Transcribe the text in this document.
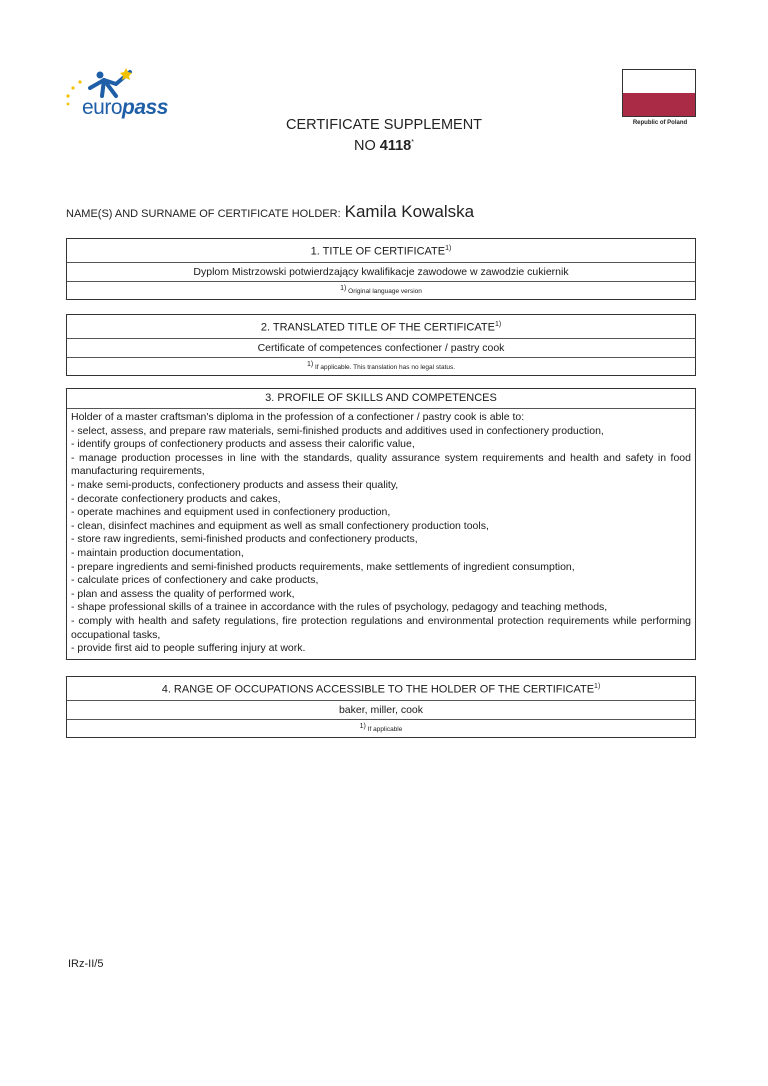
europass
Republic of Poland
CERTIFICATE SUPPLEMENT
NO 4118*
NAME(S) AND SURNAME OF CERTIFICATE HOLDER: Kamila Kowalska
1. TITLE OF CERTIFICATE$^{1)}$
Dyplom Mistrzowski potwierdzający kwalifikacje zawodowe w zawodzie cukiernik
$^{1)}$ Original language version
2. TRANSLATED TITLE OF THE CERTIFICATE$^{1)}$
Certificate of competences confectioner / pastry cook
$^{1)}$ If applicable. This translation has no legal status.
3. PROFILE OF SKILLS AND COMPETENCES
Holder of a master craftsman's diploma in the profession of a confectioner / pastry cook is able to:
- select, assess, and prepare raw materials, semi-finished products and additives used in confectionery production,
- identify groups of confectionery products and assess their calorific value,
- manage production processes in line with the standards, quality assurance system requirements and health and safety in food manufacturing requirements,
- make semi-products, confectionery products and assess their quality,
- decorate confectionery products and cakes,
- operate machines and equipment used in confectionery production,
- clean, disinfect machines and equipment as well as small confectionery production tools,
- store raw ingredients, semi-finished products and confectionery products,
- maintain production documentation,
- prepare ingredients and semi-finished products requirements, make settlements of ingredient consumption,
- calculate prices of confectionery and cake products,
- plan and assess the quality of performed work,
- shape professional skills of a trainee in accordance with the rules of psychology, pedagogy and teaching methods,
- comply with health and safety regulations, fire protection regulations and environmental protection requirements while performing occupational tasks,
- provide first aid to people suffering injury at work.
4. RANGE OF OCCUPATIONS ACCESSIBLE TO THE HOLDER OF THE CERTIFICATE$^{1)}$
baker, miller, cook
$^{1)}$ If applicable
IRz-II/5
